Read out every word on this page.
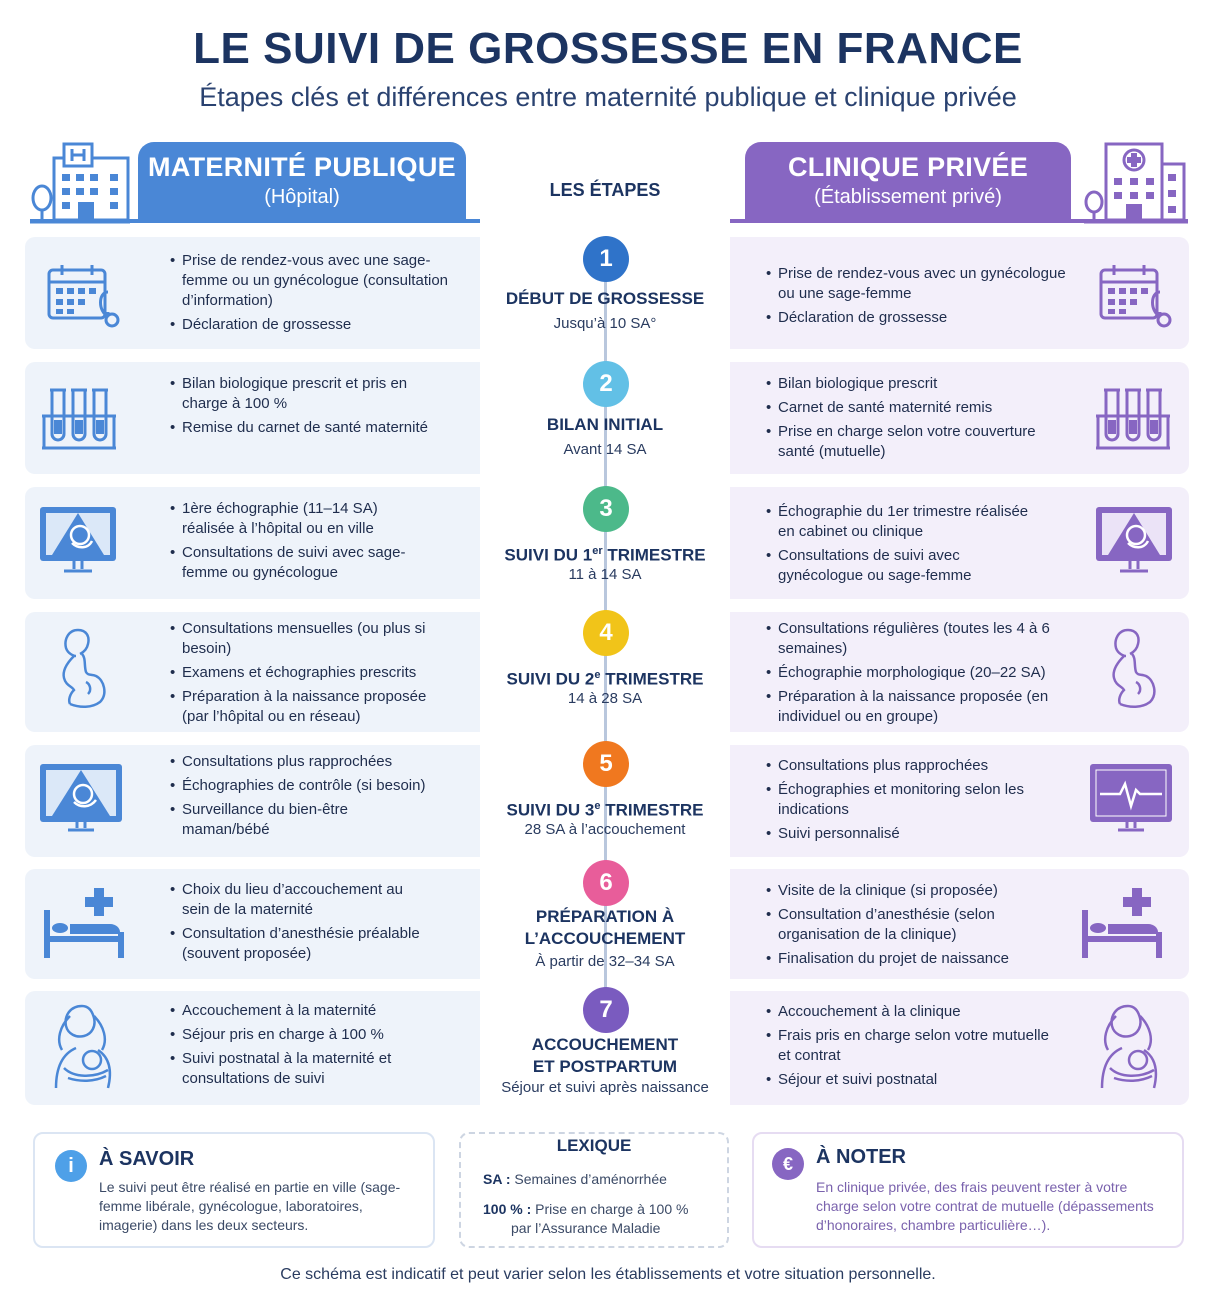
LE SUIVI DE GROSSESSE EN FRANCE
Étapes clés et différences entre maternité publique et clinique privée
MATERNITÉ PUBLIQUE
(Hôpital)	LES ÉTAPES
CLINIQUE PRIVÉE
(Établissement privé)
• Prise de rendez-vous avec une sage-femme ou un gynécologue (consultation d’information)
• Déclaration de grossesse
1
DÉBUT DE GROSSESSE
Jusqu’à 10 SA°
• Prise de rendez-vous avec un gynécologue ou une sage-femme
• Déclaration de grossesse
• Bilan biologique prescrit et pris en charge à 100 %
• Remise du carnet de santé maternité
2
BILAN INITIAL
Avant 14 SA
• Bilan biologique prescrit
• Carnet de santé maternité remis
• Prise en charge selon votre couverture santé (mutuelle)
• 1ère échographie (11–14 SA) réalisée à l’hôpital ou en ville
• Consultations de suivi avec sage-femme ou gynécologue
3
SUIVI DU 1er TRIMESTRE
11 à 14 SA
• Échographie du 1er trimestre réalisée en cabinet ou clinique
• Consultations de suivi avec gynécologue ou sage-femme
• Consultations mensuelles (ou plus si besoin)
• Examens et échographies prescrits
• Préparation à la naissance proposée (par l’hôpital ou en réseau)
4
SUIVI DU 2e TRIMESTRE
14 à 28 SA
• Consultations régulières (toutes les 4 à 6 semaines)
• Échographie morphologique (20–22 SA)
• Préparation à la naissance proposée (en individuel ou en groupe)
• Consultations plus rapprochées
• Échographies de contrôle (si besoin)
• Surveillance du bien-être maman/bébé
5
SUIVI DU 3e TRIMESTRE
28 SA à l’accouchement
• Consultations plus rapprochées
• Échographies et monitoring selon les indications
• Suivi personnalisé
• Choix du lieu d’accouchement au sein de la maternité
• Consultation d’anesthésie préalable (souvent proposée)
6
PRÉPARATION À L’ACCOUCHEMENT
À partir de 32–34 SA
• Visite de la clinique (si proposée)
• Consultation d’anesthésie (selon organisation de la clinique)
• Finalisation du projet de naissance
• Accouchement à la maternité
• Séjour pris en charge à 100 %
• Suivi postnatal à la maternité et consultations de suivi
7
ACCOUCHEMENT ET POSTPARTUM
Séjour et suivi après naissance
• Accouchement à la clinique
• Frais pris en charge selon votre mutuelle et contrat
• Séjour et suivi postnatal
i	À SAVOIR
Le suivi peut être réalisé en partie en ville (sage-femme libérale, gynécologue, laboratoires, imagerie) dans les deux secteurs.
LEXIQUE
SA : Semaines d’aménorrhée
100 % : Prise en charge à 100 %
par l’Assurance Maladie
€	À NOTER
En clinique privée, des frais peuvent rester à votre charge selon votre contrat de mutuelle (dépassements d’honoraires, chambre particulière…).
Ce schéma est indicatif et peut varier selon les établissements et votre situation personnelle.
